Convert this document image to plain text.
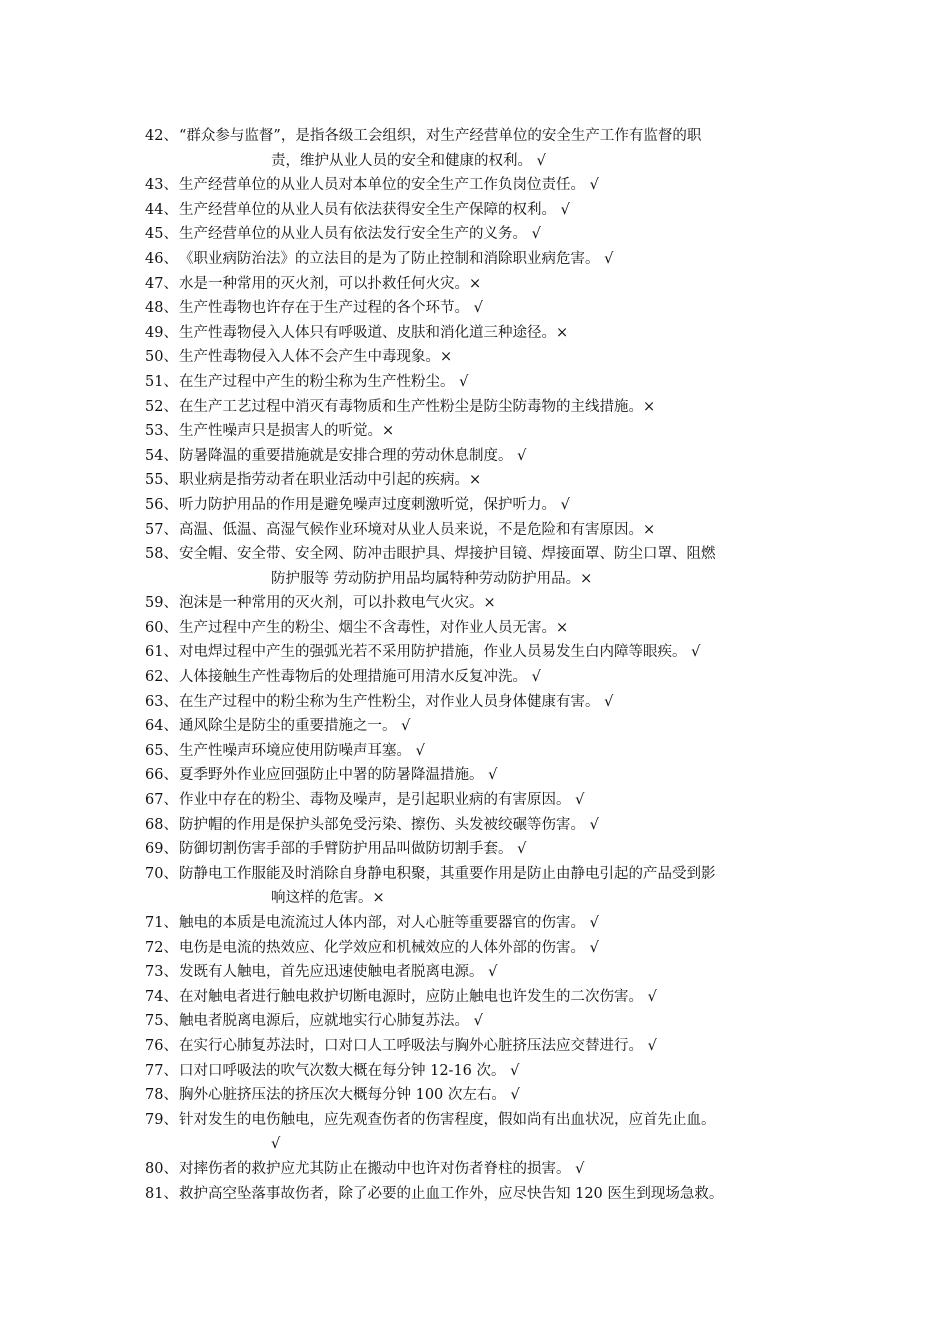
42、 “群众参与监督”，是指各级工会组织，对生产经营单位的安全生产工作有监督的职
责，维护从业人员的安全和健康的权利。 √
43、 生产经营单位的从业人员对本单位的安全生产工作负岗位责任。 √
44、 生产经营单位的从业人员有依法获得安全生产保障的权利。 √
45、 生产经营单位的从业人员有依法发行安全生产的义务。 √
46、 《职业病防治法》的立法目的是为了防止控制和消除职业病危害。 √
47、 水是一种常用的灭火剂，可以扑救任何火灾。×
48、 生产性毒物也许存在于生产过程的各个环节。 √
49、 生产性毒物侵入人体只有呼吸道、皮肤和消化道三种途径。×
50、 生产性毒物侵入人体不会产生中毒现象。×
51、 在生产过程中产生的粉尘称为生产性粉尘。 √
52、 在生产工艺过程中消灭有毒物质和生产性粉尘是防尘防毒物的主线措施。×
53、 生产性噪声只是损害人的听觉。×
54、 防暑降温的重要措施就是安排合理的劳动休息制度。 √
55、 职业病是指劳动者在职业活动中引起的疾病。×
56、 听力防护用品的作用是避免噪声过度刺激听觉，保护听力。 √
57、 高温、低温、高湿气候作业环境对从业人员来说，不是危险和有害原因。×
58、 安全帽、安全带、安全网、防冲击眼护具、焊接护目镜、焊接面罩、防尘口罩、阻燃
防护服等 劳动防护用品均属特种劳动防护用品。×
59、 泡沫是一种常用的灭火剂，可以扑救电气火灾。×
60、 生产过程中产生的粉尘、烟尘不含毒性，对作业人员无害。×
61、 对电焊过程中产生的强弧光若不采用防护措施，作业人员易发生白内障等眼疾。 √
62、 人体接触生产性毒物后的处理措施可用清水反复冲洗。 √
63、 在生产过程中的粉尘称为生产性粉尘，对作业人员身体健康有害。 √
64、 通风除尘是防尘的重要措施之一。 √
65、 生产性噪声环境应使用防噪声耳塞。 √
66、 夏季野外作业应回强防止中署的防暑降温措施。 √
67、 作业中存在的粉尘、毒物及噪声，是引起职业病的有害原因。 √
68、 防护帽的作用是保护头部免受污染、擦伤、头发被绞碾等伤害。 √
69、 防御切割伤害手部的手臂防护用品叫做防切割手套。 √
70、 防静电工作服能及时消除自身静电积聚，其重要作用是防止由静电引起的产品受到影
响这样的危害。×
71、 触电的本质是电流流过人体内部，对人心脏等重要器官的伤害。 √
72、 电伤是电流的热效应、化学效应和机械效应的人体外部的伤害。 √
73、 发既有人触电，首先应迅速使触电者脱离电源。 √
74、 在对触电者进行触电救护切断电源时，应防止触电也许发生的二次伤害。 √
75、 触电者脱离电源后，应就地实行心肺复苏法。 √
76、 在实行心肺复苏法时，口对口人工呼吸法与胸外心脏挤压法应交替进行。 √
77、 口对口呼吸法的吹气次数大概在每分钟 12-16 次。 √
78、 胸外心脏挤压法的挤压次大概每分钟 100 次左右。 √
79、 针对发生的电伤触电，应先观查伤者的伤害程度，假如尚有出血状况，应首先止血。
√
80、 对摔伤者的救护应尤其防止在搬动中也许对伤者脊柱的损害。 √
81、 救护高空坠落事故伤者，除了必要的止血工作外，应尽快告知 120 医生到现场急救。
